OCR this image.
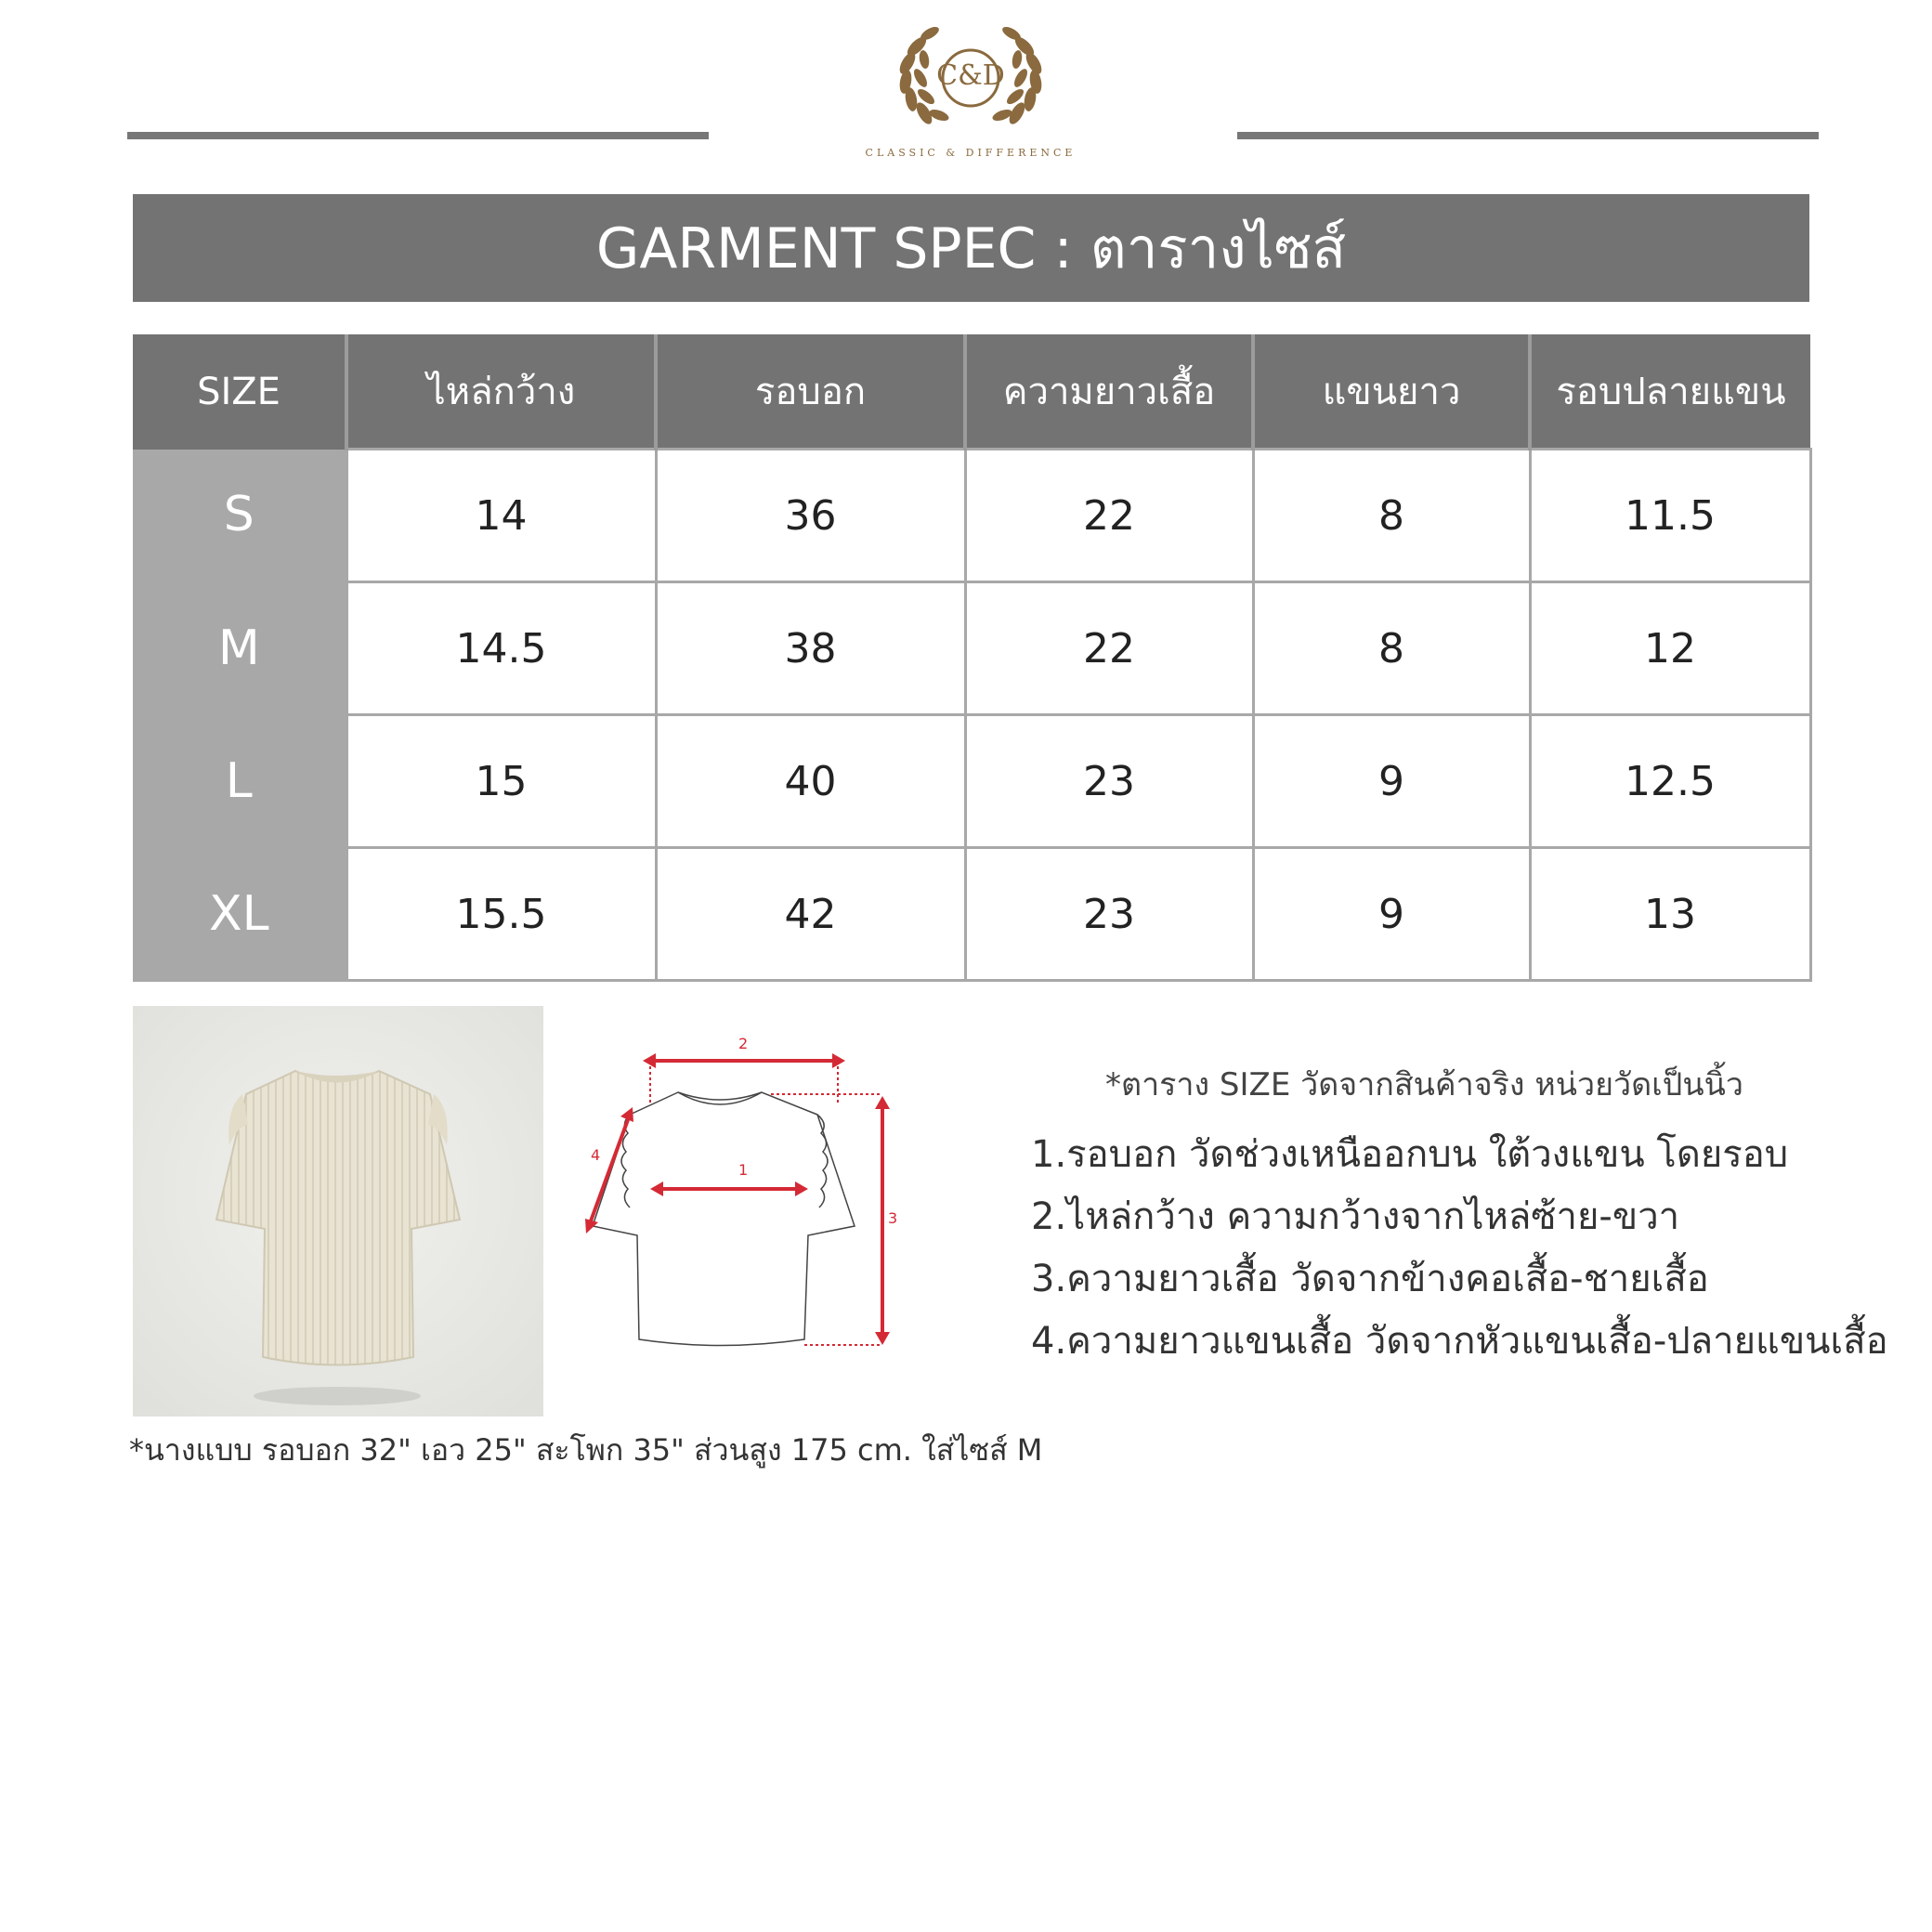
C&D
CLASSIC & DIFFERENCE
GARMENT SPEC : ตารางไซส์
SIZE	ไหล่กว้าง	รอบอก	ความยาวเสื้อ	แขนยาว	รอบปลายแขน
S	14	36	22	8	11.5
M	14.5	38	22	8	12
L	15	40	23	9	12.5
XL	15.5	42	23	9	13
2
1
3
4
*ตาราง SIZE วัดจากสินค้าจริง หน่วยวัดเป็นนิ้ว
1.รอบอก วัดช่วงเหนืออกบน ใต้วงแขน โดยรอบ
2.ไหล่กว้าง ความกว้างจากไหล่ซ้าย-ขวา
3.ความยาวเสื้อ วัดจากข้างคอเสื้อ-ชายเสื้อ
4.ความยาวแขนเสื้อ วัดจากหัวแขนเสื้อ-ปลายแขนเสื้อ
*นางแบบ รอบอก 32" เอว 25" สะโพก 35" ส่วนสูง 175 cm. ใส่ไซส์ M
